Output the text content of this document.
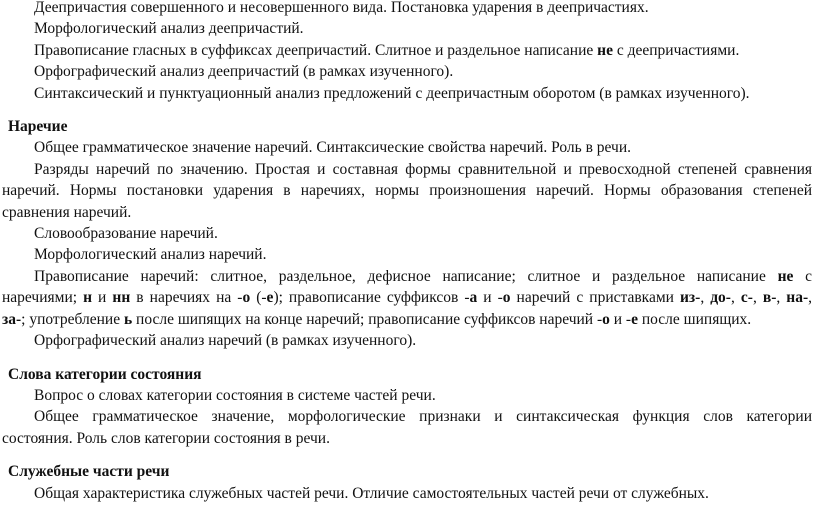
Деепричастия совершенного и несовершенного вида. Постановка ударения в деепричастиях.
Морфологический анализ деепричастий.
Правописание гласных в суффиксах деепричастий. Слитное и раздельное написание не с деепричастиями.
Орфографический анализ деепричастий (в рамках изученного).
Синтаксический и пунктуационный анализ предложений с деепричастным оборотом (в рамках изученного).
Наречие
Общее грамматическое значение наречий. Синтаксические свойства наречий. Роль в речи.
Разряды наречий по значению. Простая и составная формы сравнительной и превосходной степеней сравнения
наречий. Нормы постановки ударения в наречиях, нормы произношения наречий. Нормы образования степеней
сравнения наречий.
Словообразование наречий.
Морфологический анализ наречий.
Правописание наречий: слитное, раздельное, дефисное написание; слитное и раздельное написание не с
наречиями; н и нн в наречиях на -о (-е); правописание суффиксов -а и -о наречий с приставками из-, до-, с-, в-, на-,
за-; употребление ь после шипящих на конце наречий; правописание суффиксов наречий -о и -е после шипящих.
Орфографический анализ наречий (в рамках изученного).
Слова категории состояния
Вопрос о словах категории состояния в системе частей речи.
Общее грамматическое значение, морфологические признаки и синтаксическая функция слов категории
состояния. Роль слов категории состояния в речи.
Служебные части речи
Общая характеристика служебных частей речи. Отличие самостоятельных частей речи от служебных.
